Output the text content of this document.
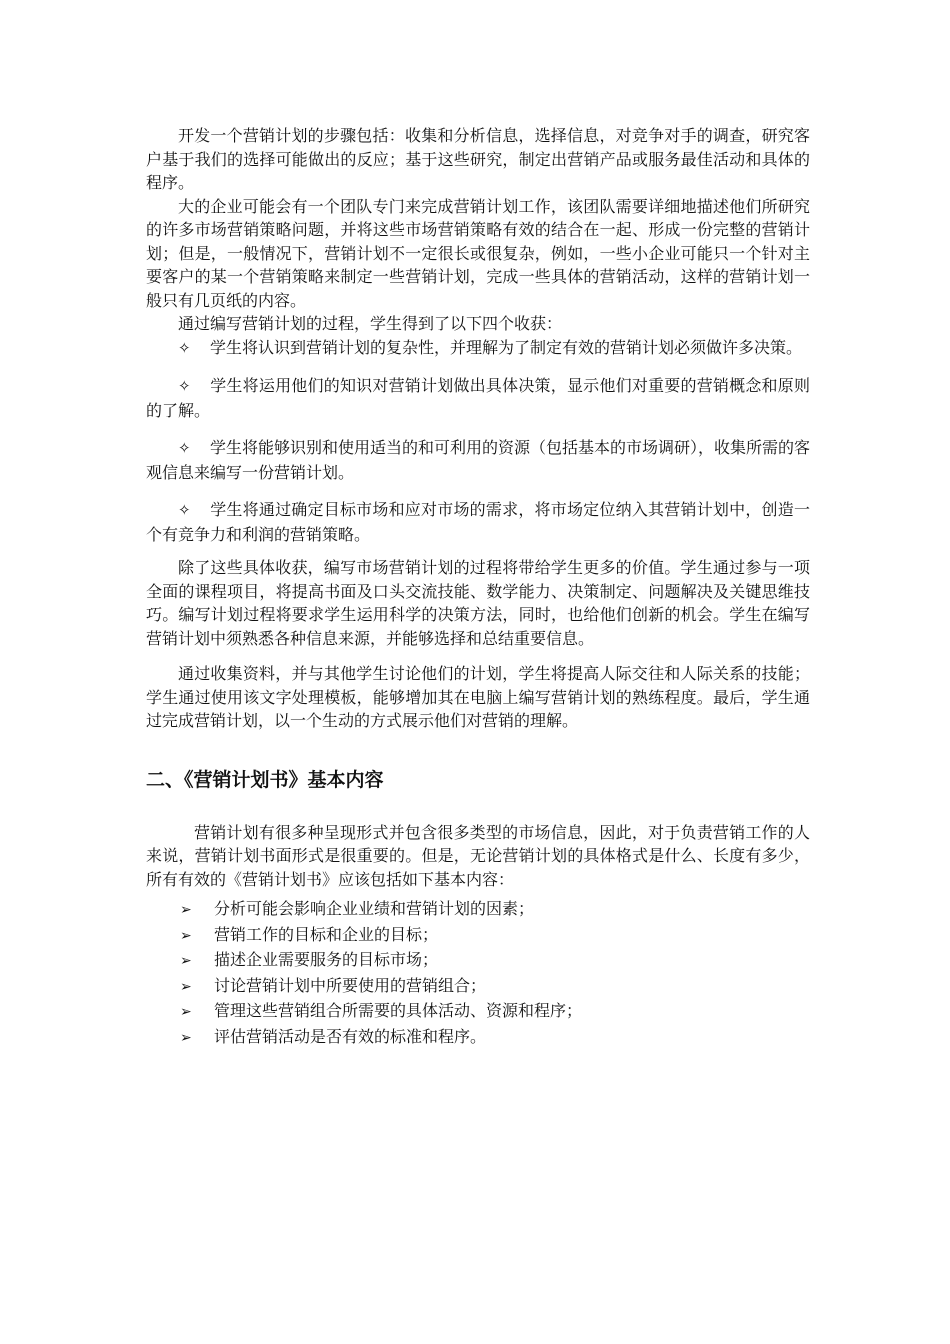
开发一个营销计划的步骤包括：收集和分析信息，选择信息，对竞争对手的调查，研究客户基于我们的选择可能做出的反应；基于这些研究，制定出营销产品或服务最佳活动和具体的程序。

大的企业可能会有一个团队专门来完成营销计划工作，该团队需要详细地描述他们所研究的许多市场营销策略问题，并将这些市场营销策略有效的结合在一起、形成一份完整的营销计划；但是，一般情况下，营销计划不一定很长或很复杂，例如，一些小企业可能只一个针对主要客户的某一个营销策略来制定一些营销计划，完成一些具体的营销活动，这样的营销计划一般只有几页纸的内容。

通过编写营销计划的过程，学生得到了以下四个收获：

✧ 学生将认识到营销计划的复杂性，并理解为了制定有效的营销计划必须做许多决策。

✧ 学生将运用他们的知识对营销计划做出具体决策，显示他们对重要的营销概念和原则的了解。

✧ 学生将能够识别和使用适当的和可利用的资源（包括基本的市场调研），收集所需的客观信息来编写一份营销计划。

✧ 学生将通过确定目标市场和应对市场的需求，将市场定位纳入其营销计划中，创造一个有竞争力和利润的营销策略。

除了这些具体收获，编写市场营销计划的过程将带给学生更多的价值。学生通过参与一项全面的课程项目，将提高书面及口头交流技能、数学能力、决策制定、问题解决及关键思维技巧。编写计划过程将要求学生运用科学的决策方法，同时，也给他们创新的机会。学生在编写营销计划中须熟悉各种信息来源，并能够选择和总结重要信息。

通过收集资料，并与其他学生讨论他们的计划，学生将提高人际交往和人际关系的技能；学生通过使用该文字处理模板，能够增加其在电脑上编写营销计划的熟练程度。最后，学生通过完成营销计划，以一个生动的方式展示他们对营销的理解。

二、《营销计划书》基本内容

营销计划有很多种呈现形式并包含很多类型的市场信息，因此，对于负责营销工作的人来说，营销计划书面形式是很重要的。但是，无论营销计划的具体格式是什么、长度有多少，所有有效的《营销计划书》应该包括如下基本内容：

➢	分析可能会影响企业业绩和营销计划的因素；
➢	营销工作的目标和企业的目标；
➢	描述企业需要服务的目标市场；
➢	讨论营销计划中所要使用的营销组合；
➢	管理这些营销组合所需要的具体活动、资源和程序；
➢	评估营销活动是否有效的标准和程序。
